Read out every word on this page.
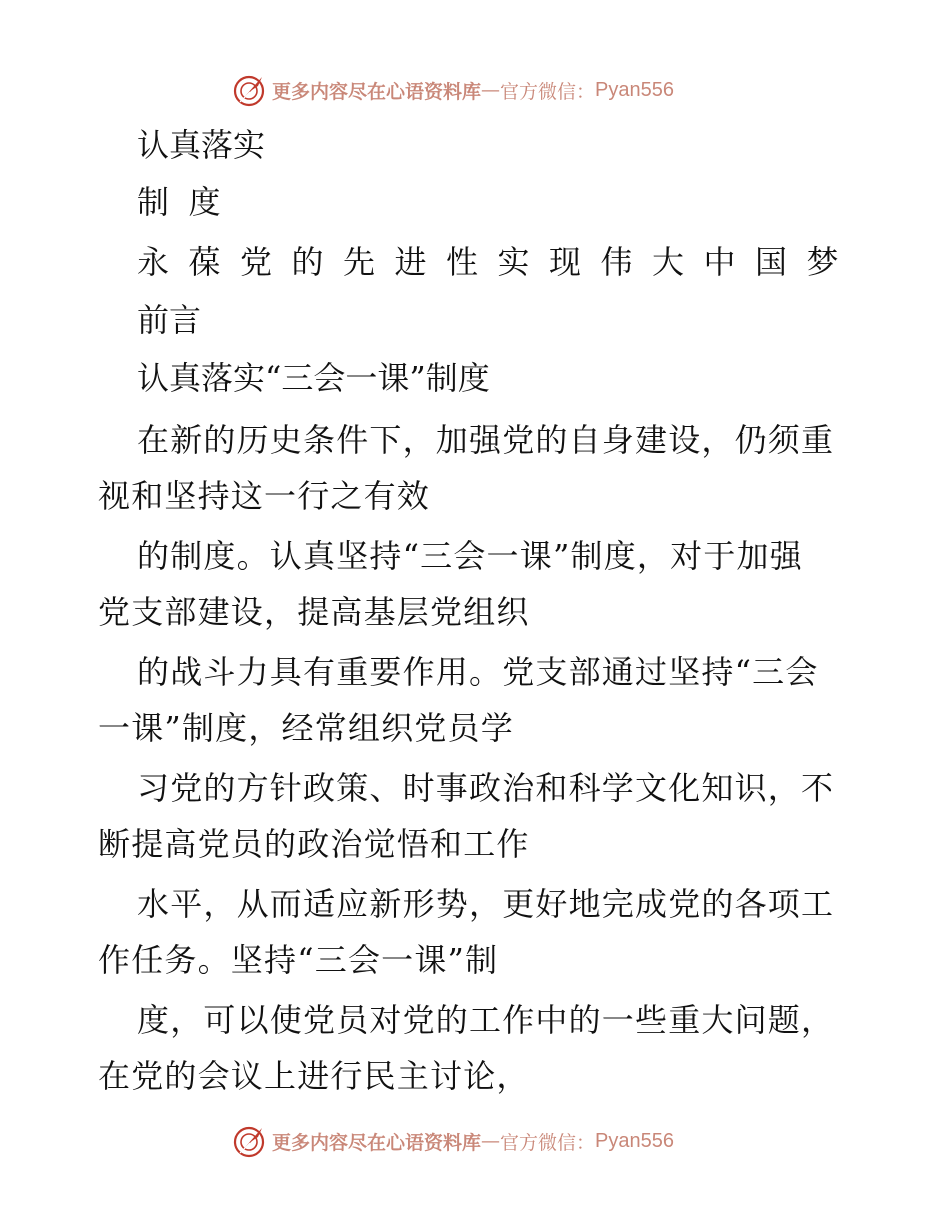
更多内容尽在心语资料库 — 官方微信： Pyan556
认真落实
制度
永 葆 党 的 先 进 性 实 现 伟 大 中 国 梦
前言
认真落实“三会一课”制度
在新的历史条件下，加强党的自身建设，仍须重
视和坚持这一行之有效
的制度。认真坚持“三会一课”制度，对于加强
党支部建设，提高基层党组织
的战斗力具有重要作用。党支部通过坚持“三会
一课”制度，经常组织党员学
习党的方针政策、时事政治和科学文化知识，不
断提高党员的政治觉悟和工作
水平，从而适应新形势，更好地完成党的各项工
作任务。坚持“三会一课”制
度，可以使党员对党的工作中的一些重大问题，
在党的会议上进行民主讨论，
更多内容尽在心语资料库 — 官方微信： Pyan556
